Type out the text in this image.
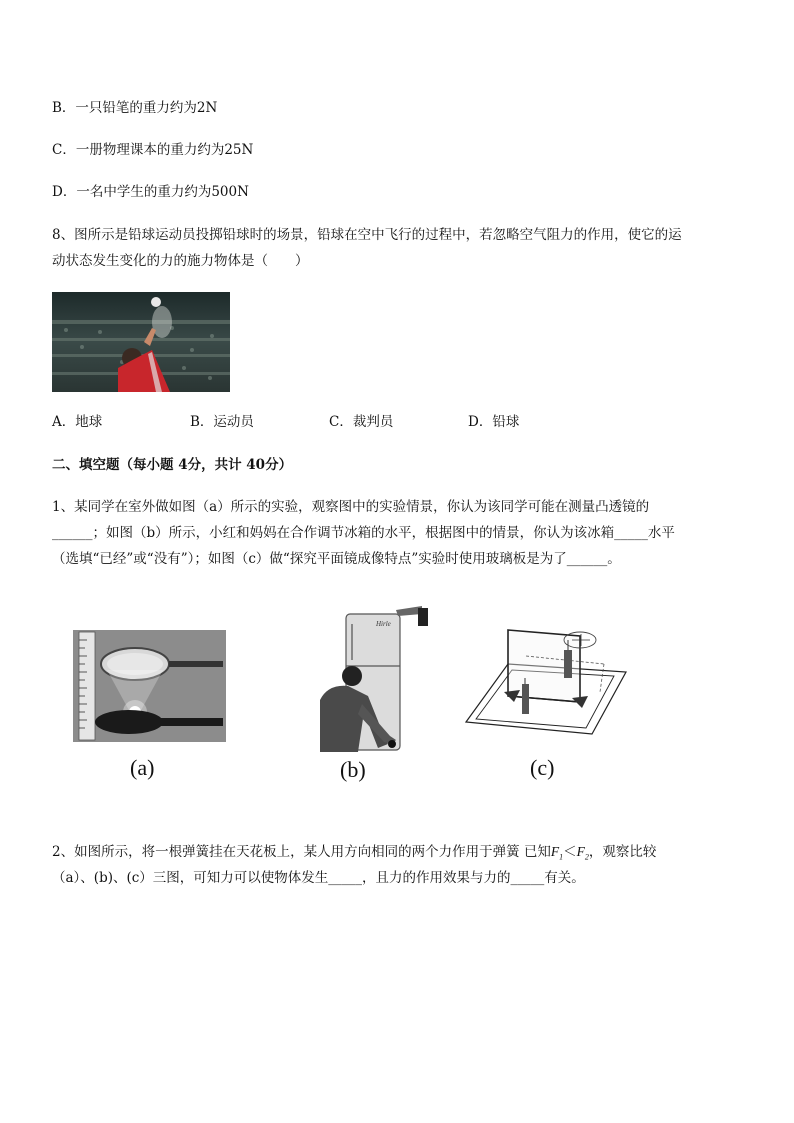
B．一只铅笔的重力约为2N
C．一册物理课本的重力约为25N
D．一名中学生的重力约为500N
8、图所示是铅球运动员投掷铅球时的场景，铅球在空中飞行的过程中，若忽略空气阻力的作用，使它的运
动状态发生变化的力的施力物体是（　　）
A．地球	B．运动员	C．裁判员	D．铅球
二、填空题（每小题 4分，共计 40分）
1、某同学在室外做如图（a）所示的实验，观察图中的实验情景，你认为该同学可能在测量凸透镜的
______；如图（b）所示，小红和妈妈在合作调节冰箱的水平，根据图中的情景，你认为该冰箱_____水平
（选填“已经”或“没有”）；如图（c）做“探究平面镜成像特点”实验时使用玻璃板是为了______。
(a)
Hirle
(b)	(c)
2、如图所示，将一根弹簧挂在天花板上，某人用方向相同的两个力作用于弹簧 已知$F_1<F_2$，观察比较
（a）、(b)、(c）三图，可知力可以使物体发生_____，且力的作用效果与力的_____有关。
